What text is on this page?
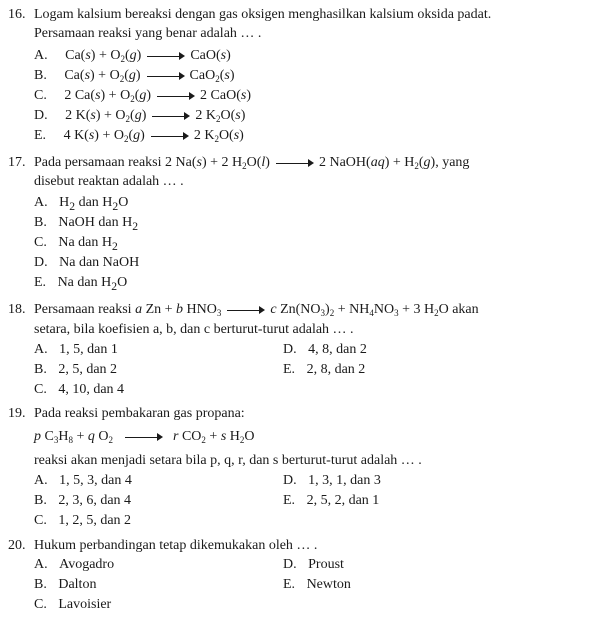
16. Logam kalsium bereaksi dengan gas oksigen menghasilkan kalsium oksida padat.
Persamaan reaksi yang benar adalah … .
A. $Ca(s) + O_2(g)$	CaO(s)
B. $Ca(s) + O_2(g)$	CaO$_2$(s)
C. 2 $Ca(s) + O_2(g)$	2 CaO(s)
D. 2 $K(s) + O_2(g)$	2 $K_2O(s)$
E. 4 $K(s) + O_2(g)$	2 $K_2O(s)$
17. Pada persamaan reaksi 2 Na(s) + 2 $H_2O(l)$	2 NaOH(aq) + $H_2(g)$, yang
disebut reaktan adalah … .
A. $H_2$ dan $H_2O$
B. NaOH dan $H_2$
C. Na dan $H_2$
D. Na dan NaOH
E. Na dan $H_2O$
18. Persamaan reaksi a Zn + b $HNO_3$	c $Zn(NO_3)_2 + NH_4NO_3 + 3$ $H_2O$ akan
setara, bila koefisien a, b, dan c berturut-turut adalah … .
A. 1, 5, dan 1
B. 2, 5, dan 2
C. 4, 10, dan 4
D. 4, 8, dan 2
E. 2, 8, dan 2
19. Pada reaksi pembakaran gas propana:
p $C_3H_8 + q$ $O_2$	r $CO_2 + s$ $H_2O$
reaksi akan menjadi setara bila p, q, r, dan s berturut-turut adalah … .
A. 1, 5, 3, dan 4
B. 2, 3, 6, dan 4
C. 1, 2, 5, dan 2
D. 1, 3, 1, dan 3
E. 2, 5, 2, dan 1
20. Hukum perbandingan tetap dikemukakan oleh … .
A. Avogadro
B. Dalton
C. Lavoisier
D. Proust
E. Newton
